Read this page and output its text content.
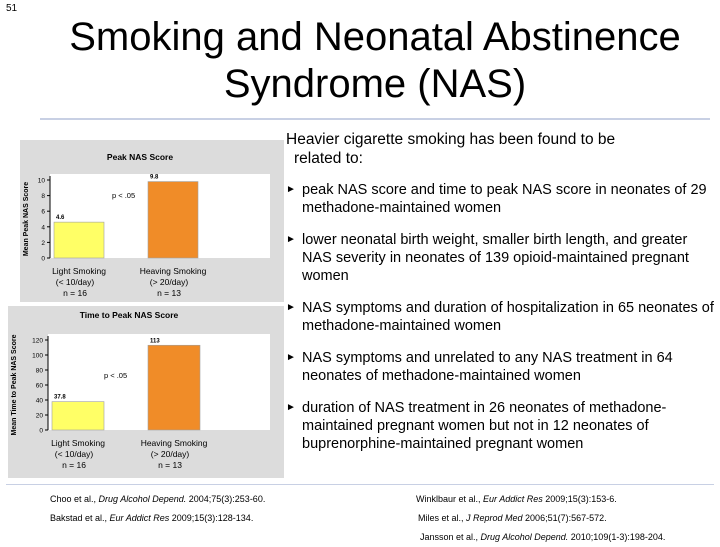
51
Smoking and Neonatal Abstinence
Syndrome (NAS)
Peak NAS Score
Mean Peak NAS Score
0
2
4
6
8
10
4.6
Light Smoking
(< 10/day)
n = 16
9.8
Heaving Smoking
(> 20/day)
n = 13
p < .05
Time to Peak NAS Score
Mean Time to Peak NAS Score	0
20
40
60
80
100
120
37.8
Light Smoking
(< 10/day)
n = 16
113
Heaving Smoking
(> 20/day)
n = 13
p < .05
Heavier cigarette smoking has been found to be
related to:
► peak NAS score and time to peak NAS score in neonates of 29 methadone-maintained women
► lower neonatal birth weight, smaller birth length, and greater NAS severity in neonates of 139 opioid-maintained pregnant women
► NAS symptoms and duration of hospitalization in 65 neonates of methadone-maintained women
► NAS symptoms and unrelated to any NAS treatment in 64 neonates of methadone-maintained women
► duration of NAS treatment in 26 neonates of methadone-maintained pregnant women but not in 12 neonates of buprenorphine-maintained pregnant women
Choo et al., Drug Alcohol Depend. 2004;75(3):253-60.
Bakstad et al., Eur Addict Res 2009;15(3):128-134.
Winklbaur et al., Eur Addict Res 2009;15(3):153-6.
Miles et al., J Reprod Med 2006;51(7):567-572.
Jansson et al., Drug Alcohol Depend. 2010;109(1-3):198-204.
